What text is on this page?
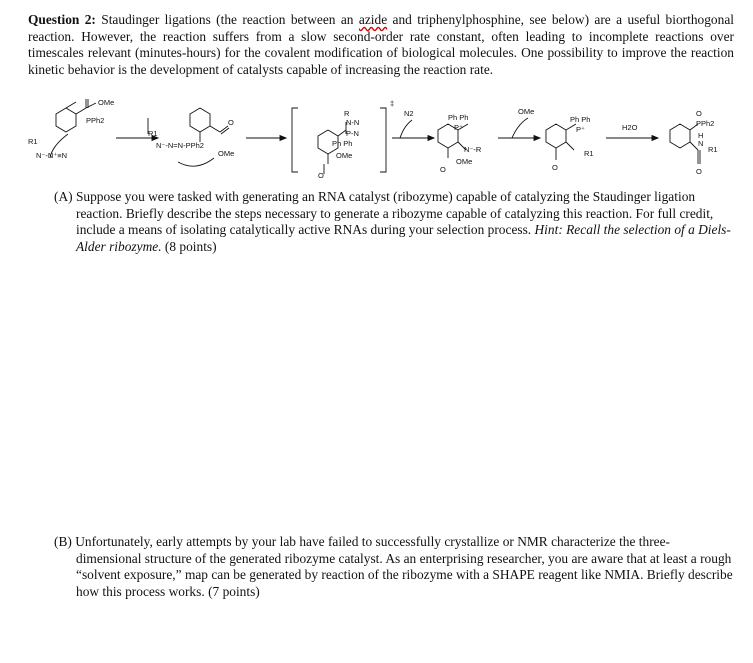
Question 2: Staudinger ligations (the reaction between an azide and triphenylphosphine, see below) are a useful biorthogonal reaction. However, the reaction suffers from a slow second-order rate constant, often leading to incomplete reactions over timescales relevant (minutes-hours) for the covalent modification of biological molecules. One possibility to improve the reaction kinetic behavior is the development of catalysts capable of increasing the reaction rate.
OMe
PPh2
R1
N⁻-N⁺≡N
O
R1
N⁻-N=N-PPh2
OMe
R
N-N
P-N
Ph Ph
OMe
O
‡
N2	Ph Ph
P⁺
N⁻-R
OMe
O
OMe
Ph Ph
P⁺
R1
O
H2O
O
PPh2
H
N
R1
O
(A) Suppose you were tasked with generating an RNA catalyst (ribozyme) capable of catalyzing the Staudinger ligation reaction. Briefly describe the steps necessary to generate a ribozyme capable of catalyzing this reaction. For full credit, include a means of isolating catalytically active RNAs during your selection process. Hint: Recall the selection of a Diels-Alder ribozyme. (8 points)
(B) Unfortunately, early attempts by your lab have failed to successfully crystallize or NMR characterize the three-dimensional structure of the generated ribozyme catalyst. As an enterprising researcher, you are aware that at least a rough “solvent exposure,” map can be generated by reaction of the ribozyme with a SHAPE reagent like NMIA. Briefly describe how this process works. (7 points)
